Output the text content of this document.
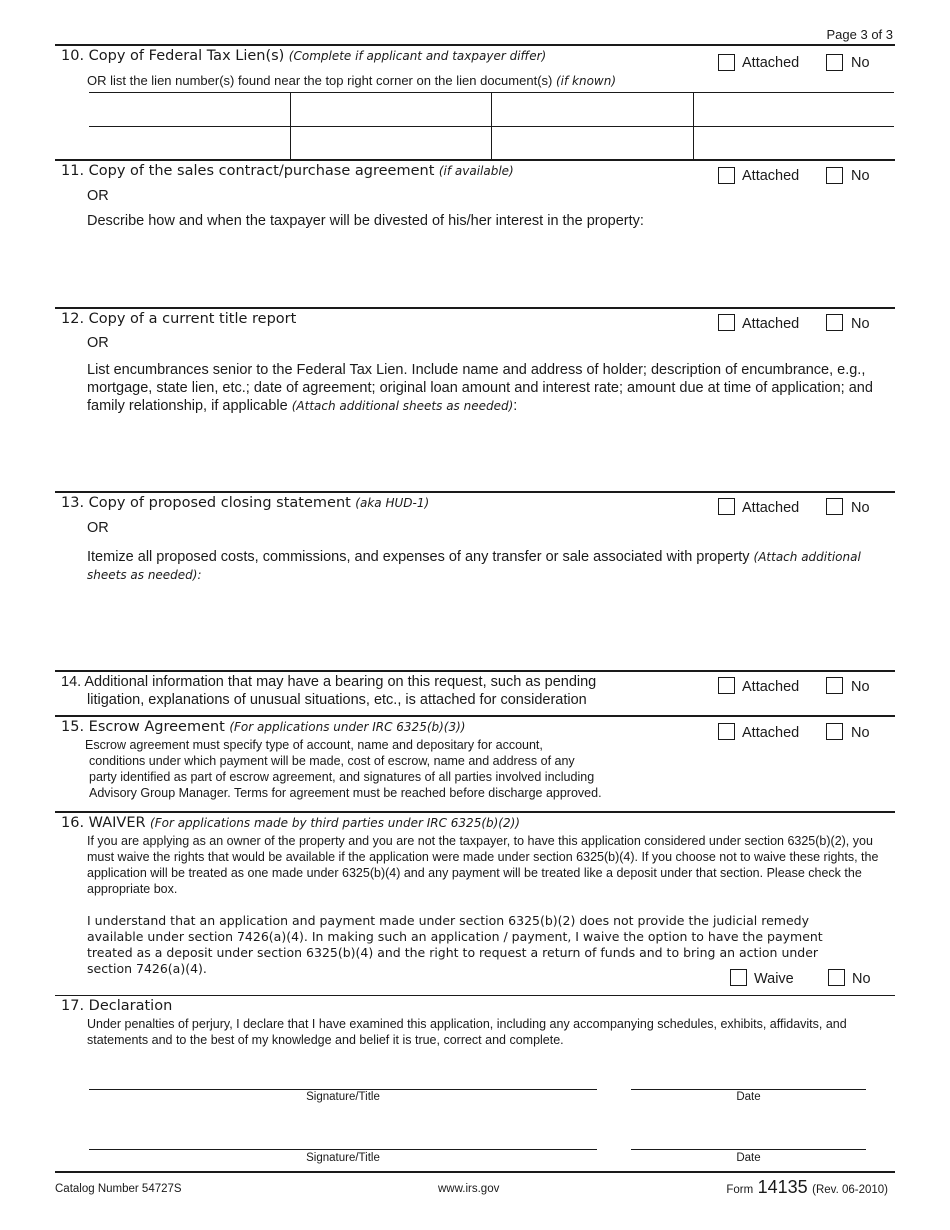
Page 3 of 3
10. Copy of Federal Tax Lien(s) (Complete if applicant and taxpayer differ)
OR list the lien number(s) found near the top right corner on the lien document(s) (if known)
Attached	No
11. Copy of the sales contract/purchase agreement (if available)
OR
Describe how and when the taxpayer will be divested of his/her interest in the property:
Attached	No
12. Copy of a current title report
OR
List encumbrances senior to the Federal Tax Lien. Include name and address of holder; description of encumbrance, e.g., mortgage, state lien, etc.; date of agreement; original loan amount and interest rate; amount due at time of application; and family relationship, if applicable (Attach additional sheets as needed):
Attached	No
13. Copy of proposed closing statement (aka HUD-1)
OR
Itemize all proposed costs, commissions, and expenses of any transfer or sale associated with property (Attach additional sheets as needed):
Attached	No
14. Additional information that may have a bearing on this request, such as pending
litigation, explanations of unusual situations, etc., is attached for consideration
Attached	No
15. Escrow Agreement (For applications under IRC 6325(b)(3))
Escrow agreement must specify type of account, name and depositary for account,
conditions under which payment will be made, cost of escrow, name and address of any
party identified as part of escrow agreement, and signatures of all parties involved including
Advisory Group Manager. Terms for agreement must be reached before discharge approved.
Attached	No
16. WAIVER (For applications made by third parties under IRC 6325(b)(2))
If you are applying as an owner of the property and you are not the taxpayer, to have this application considered under section 6325(b)(2), you must waive the rights that would be available if the application were made under section 6325(b)(4). If you choose not to waive these rights, the application will be treated as one made under 6325(b)(4) and any payment will be treated like a deposit under that section. Please check the appropriate box.
I understand that an application and payment made under section 6325(b)(2) does not provide the judicial remedy available under section 7426(a)(4). In making such an application / payment, I waive the option to have the payment treated as a deposit under section 6325(b)(4) and the right to request a return of funds and to bring an action under section 7426(a)(4).
Waive	No
17. Declaration
Under penalties of perjury, I declare that I have examined this application, including any accompanying schedules, exhibits, affidavits, and statements and to the best of my knowledge and belief it is true, correct and complete.
Signature/Title	Date
Signature/Title	Date
Catalog Number 54727S	www.irs.gov	Form 14135 (Rev. 06-2010)
